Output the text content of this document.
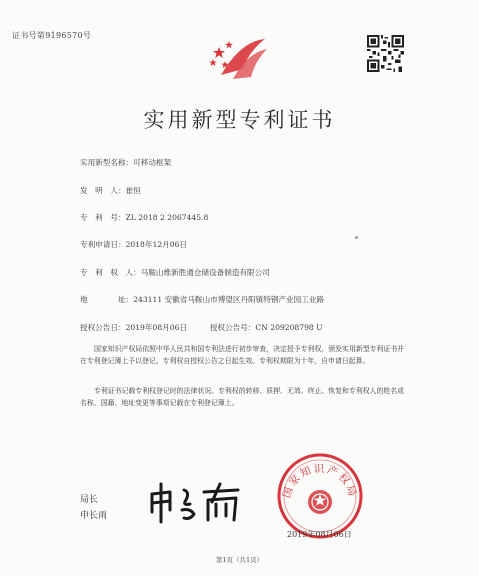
证书号第9196570号
实用新型专利证书
实用新型名称：可移动框架
发　明　人：崔恒
专　利　号：ZL 2018 2 2067445.8
专利申请日：2018年12月06日
专　利　权　人：马鞍山维新胜通仓储设备制造有限公司
地　　　　址：243111 安徽省马鞍山市博望区丹阳镇特钢产业园工业路
授权公告日：2019年08月06日	授权公告号：CN 209208798 U
国家知识产权局依照中华人民共和国专利法进行初步审查，决定授予专利权，颁发实用新型专利证书并在专利登记簿上予以登记。专利权自授权公告之日起生效。专利权期限为十年，自申请日起算。
专利证书记载专利权登记时的法律状况。专利权的转移、质押、无效、终止、恢复和专利权人的姓名或名称、国籍、地址变更等事项记载在专利登记簿上。
局长
申长雨
国家知识产权局
2019年08月06日
第1页（共1页）
